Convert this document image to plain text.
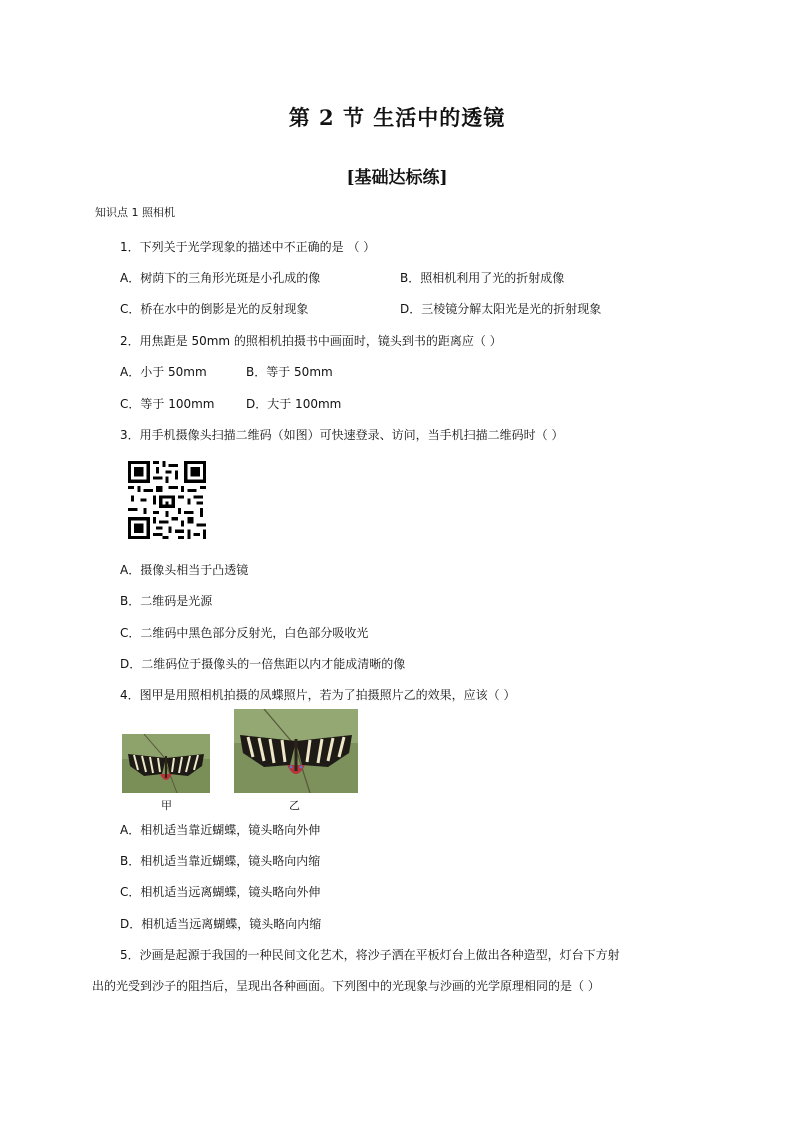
第 2 节 生活中的透镜
[基础达标练]
知识点 1 照相机
1．下列关于光学现象的描述中不正确的是 （ ）
A．树荫下的三角形光斑是小孔成的像	B．照相机利用了光的折射成像
C．桥在水中的倒影是光的反射现象	D．三棱镜分解太阳光是光的折射现象
2．用焦距是 50mm 的照相机拍摄书中画面时，镜头到书的距离应（ ）
A．小于 50mm	B．等于 50mm
C．等于 100mm	D．大于 100mm
3．用手机摄像头扫描二维码（如图）可快速登录、访问，当手机扫描二维码时（ ）
A．摄像头相当于凸透镜
B．二维码是光源
C．二维码中黑色部分反射光，白色部分吸收光
D．二维码位于摄像头的一倍焦距以内才能成清晰的像
4．图甲是用照相机拍摄的凤蝶照片，若为了拍摄照片乙的效果，应该（ ）
甲	乙
A．相机适当靠近蝴蝶，镜头略向外伸
B．相机适当靠近蝴蝶，镜头略向内缩
C．相机适当远离蝴蝶，镜头略向外伸
D．相机适当远离蝴蝶，镜头略向内缩
5．沙画是起源于我国的一种民间文化艺术，将沙子洒在平板灯台上做出各种造型，灯台下方射
出的光受到沙子的阻挡后，呈现出各种画面。下列图中的光现象与沙画的光学原理相同的是（ ）
